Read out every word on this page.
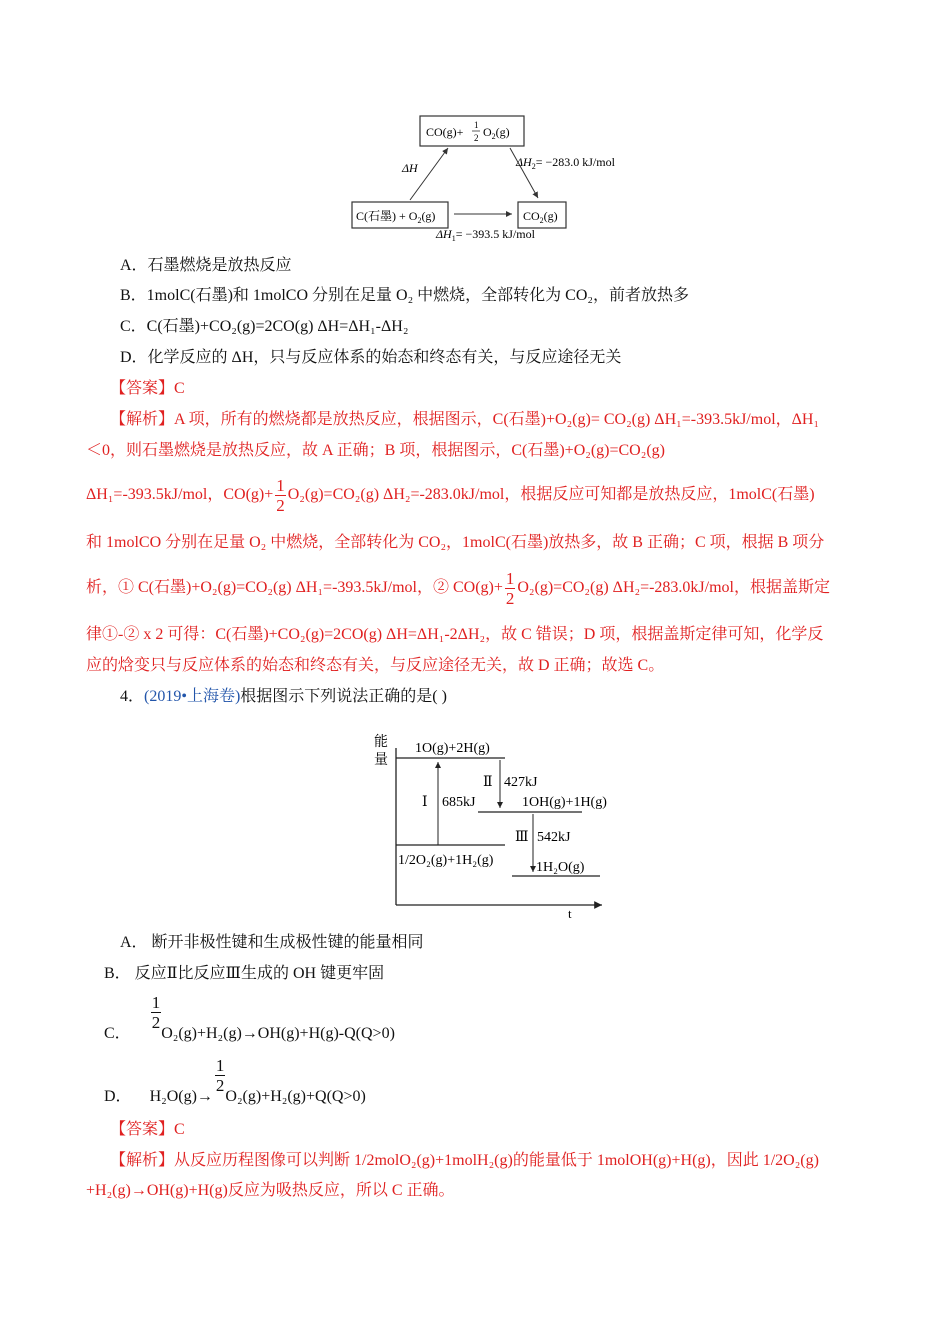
CO(g)+ 1
2 $O_2(g)$
C(石墨) + $O_2(g)$	$CO_2(g)$
ΔH	$\Delta H_2= -283.0$ kJ/mol
$\Delta H_1= -393.5$ kJ/mol
A．石墨燃烧是放热反应
B．1molC(石墨)和 1molCO 分别在足量 O₂ 中燃烧，全部转化为 CO₂，前者放热多
C．C(石墨)+CO₂(g)=2CO(g) ΔH=ΔH₁-ΔH₂
D．化学反应的 ΔH，只与反应体系的始态和终态有关，与反应途径无关
【答案】C
【解析】A 项，所有的燃烧都是放热反应，根据图示，C(石墨)+O₂(g)= CO₂(g) ΔH₁=-393.5kJ/mol，ΔH₁
＜0，则石墨燃烧是放热反应，故 A 正确；B 项，根据图示，C(石墨)+O₂(g)=CO₂(g)
ΔH₁=-393.5kJ/mol，$CO(g)+ \frac{1}{2} O_2(g)=CO_2(g)$ ΔH₂=-283.0kJ/mol，根据反应可知都是放热反应，1molC(石墨)
和 1molCO 分别在足量 O₂ 中燃烧，全部转化为 CO₂，1molC(石墨)放热多，故 B 正确；C 项，根据 B 项分
析，① C(石墨)+O₂(g)=CO₂(g) ΔH₁=-393.5kJ/mol，② $CO(g)+ \frac{1}{2} O_2(g)=CO_2(g)$ ΔH₂=-283.0kJ/mol，根据盖斯定
律①-② x 2 可得：C(石墨)+CO₂(g)=2CO(g) ΔH=ΔH₁-2ΔH₂，故 C 错误；D 项，根据盖斯定律可知，化学反
应的焓变只与反应体系的始态和终态有关，与反应途径无关，故 D 正确；故选 C。
4．(2019•上海卷)根据图示下列说法正确的是( )
能
量
t
1O(g)+2H(g)
1OH(g)+1H(g)
1/2O₂(g)+1H₂(g)	1H₂O(g)
Ⅰ 685kJ
Ⅱ 427kJ
Ⅲ 542kJ
A． 断开非极性键和生成极性键的能量相同
B． 反应Ⅱ比反应Ⅲ生成的 OH 键更牢固
C．
$\frac{1}{2}$
O₂(g)+H₂(g)→OH(g)+H(g)-Q(Q>0)
D． H₂O(g)→
$\frac{1}{2}$
O₂(g)+H₂(g)+Q(Q>0)
【答案】C
【解析】从反应历程图像可以判断 1/2molO₂(g)+1molH₂(g)的能量低于 1molOH(g)+H(g)，因此 1/2O₂(g)
+H₂(g)→OH(g)+H(g)反应为吸热反应，所以 C 正确。
